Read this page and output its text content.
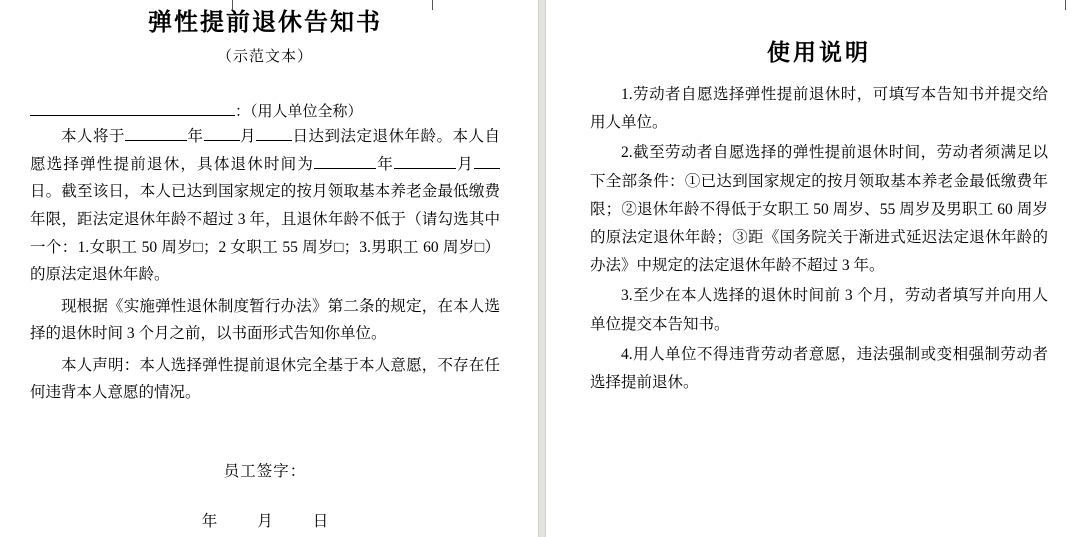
弹性提前退休告知书
（示范文本）
：（用人单位全称）

本人将于	年 月 日达到法定退休年龄。本人自愿选择弹性提前退休，具体退休时间为	年	月日。截至该日，本人已达到国家规定的按月领取基本养老金最低缴费年限，距法定退休年龄不超过 3 年，且退休年龄不低于（请勾选其中一个：1.女职工 50 周岁□；2 女职工 55 周岁□；3.男职工 60 周岁□）的原法定退休年龄。

现根据《实施弹性退休制度暂行办法》第二条的规定，在本人选择的退休时间 3 个月之前，以书面形式告知你单位。

本人声明：本人选择弹性提前退休完全基于本人意愿，不存在任何违背本人意愿的情况。

员工签字：
年	月	日
使用说明

1.劳动者自愿选择弹性提前退休时，可填写本告知书并提交给用人单位。

2.截至劳动者自愿选择的弹性提前退休时间，劳动者须满足以下全部条件：①已达到国家规定的按月领取基本养老金最低缴费年限；②退休年龄不得低于女职工 50 周岁、55 周岁及男职工 60 周岁的原法定退休年龄；③距《国务院关于渐进式延迟法定退休年龄的办法》中规定的法定退休年龄不超过 3 年。

3.至少在本人选择的退休时间前 3 个月，劳动者填写并向用人单位提交本告知书。

4.用人单位不得违背劳动者意愿，违法强制或变相强制劳动者选择提前退休。
